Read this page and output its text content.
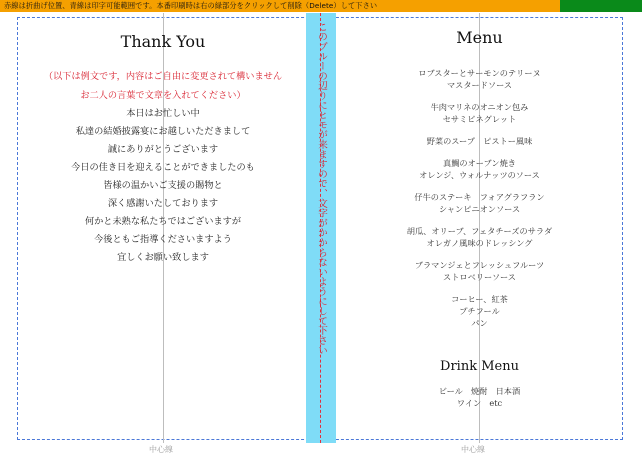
赤線は折曲げ位置、青線は印字可能範囲です。本番印刷時は右の緑部分をクリックして削除（Delete）して下さい
このブルーの辺りにヒモが来ますので、文字がかからないようにして下さい
Thank You
（以下は例文です，内容はご自由に変更されて構いません
お二人の言葉で文章を入れてください）
本日はお忙しい中
私達の結婚披露宴にお越しいただきまして
誠にありがとうございます
今日の佳き日を迎えることができましたのも
皆様の温かいご支援の賜物と
深く感謝いたしております
何かと未熟な私たちではございますが
今後ともご指導くださいますよう
宜しくお願い致します
Menu
ロブスターとサーモンのテリーヌ
マスタードソース
牛肉マリネのオニオン包み
セサミビネグレット
野菜のスープ　ピストー風味
真鯛のオーブン焼き
オレンジ、ウォルナッツのソース
仔牛のステーキ　フォアグラフラン
シャンピニオンソース
胡瓜、オリーブ、フェタチーズのサラダ
オレガノ風味のドレッシング
ブラマンジェとフレッシュフルーツ
ストロベリーソース
コーヒー、紅茶
プチフール
パン
Drink Menu
ビール　焼酎　日本酒
ワイン　etc
中心線	中心線
